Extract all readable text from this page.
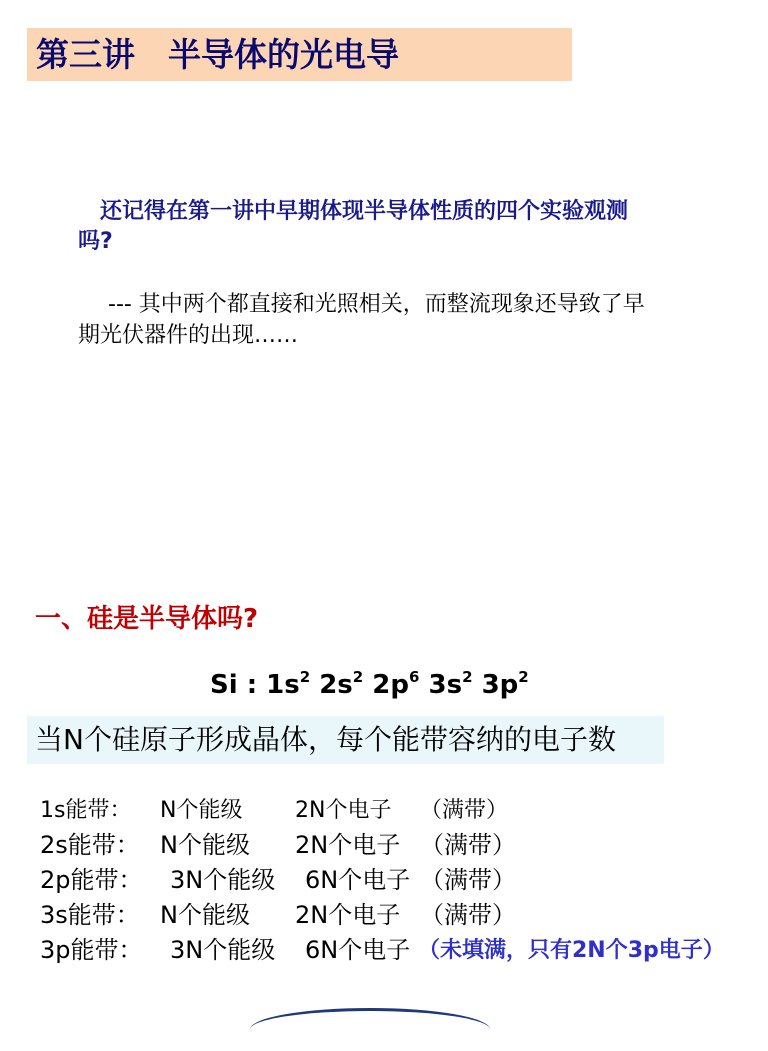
第三讲　半导体的光电导
还记得在第一讲中早期体现半导体性质的四个实验观测吗?
--- 其中两个都直接和光照相关，而整流现象还导致了早期光伏器件的出现……
一、硅是半导体吗?
Si : $1s^2$ $2s^2$ $2p^6$ $3s^2$ $3p^2$
当N个硅原子形成晶体，每个能带容纳的电子数
1s能带： N个能级 2N个电子 （满带）
2s能带： N个能级 2N个电子 （满带）
2p能带： 3N个能级 6N个电子 （满带）
3s能带： N个能级 2N个电子 （满带）
3p能带： 3N个能级 6N个电子 （未填满，只有2N个3p电子）
